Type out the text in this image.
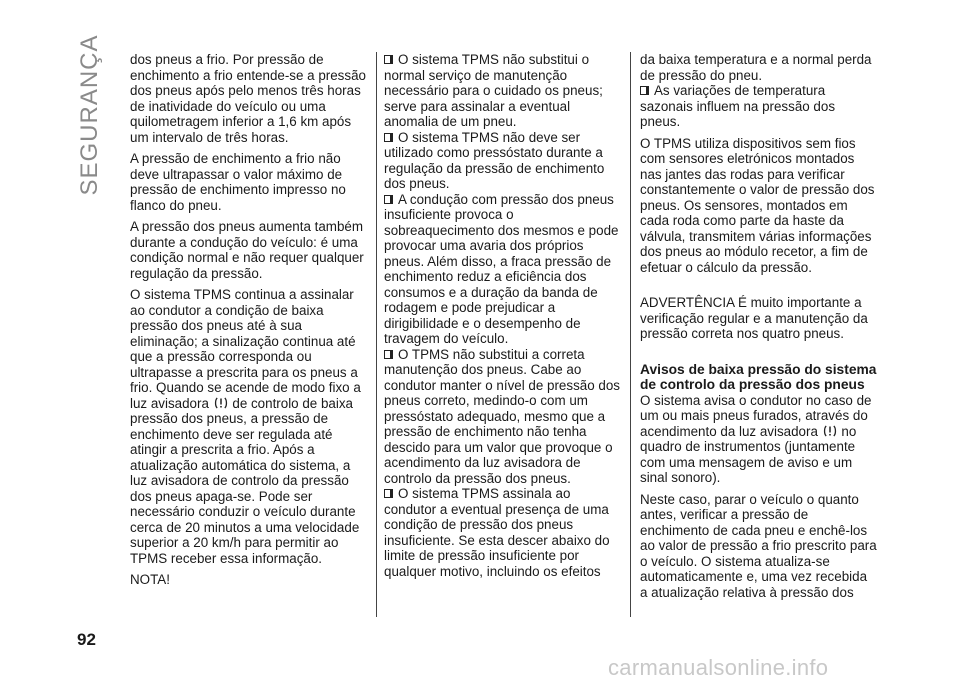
SEGURANÇA dos pneus a frio. Por pressão de enchimento a frio entende-se a pressão dos pneus após pelo menos três horas de inatividade do veículo ou uma quilometragem inferior a 1,6 km após um intervalo de três horas.

A pressão de enchimento a frio não deve ultrapassar o valor máximo de pressão de enchimento impresso no flanco do pneu.

A pressão dos pneus aumenta também durante a condução do veículo: é uma condição normal e não requer qualquer regulação da pressão.

O sistema TPMS continua a assinalar ao condutor a condição de baixa pressão dos pneus até à sua eliminação; a sinalização continua até que a pressão corresponda ou ultrapasse a prescrita para os pneus a frio. Quando se acende de modo fixo a luz avisadora de controlo de baixa pressão dos pneus, a pressão de enchimento deve ser regulada até atingir a prescrita a frio. Após a atualização automática do sistema, a luz avisadora de controlo da pressão dos pneus apaga-se. Pode ser necessário conduzir o veículo durante cerca de 20 minutos a uma velocidade superior a 20 km/h para permitir ao TPMS receber essa informação.

NOTA!

O sistema TPMS não substitui o normal serviço de manutenção necessário para o cuidado os pneus; serve para assinalar a eventual anomalia de um pneu.

O sistema TPMS não deve ser utilizado como pressóstato durante a regulação da pressão de enchimento dos pneus.

A condução com pressão dos pneus insuficiente provoca o sobreaquecimento dos mesmos e pode provocar uma avaria dos próprios pneus. Além disso, a fraca pressão de enchimento reduz a eficiência dos consumos e a duração da banda de rodagem e pode prejudicar a dirigibilidade e o desempenho de travagem do veículo.

O TPMS não substitui a correta manutenção dos pneus. Cabe ao condutor manter o nível de pressão dos pneus correto, medindo-o com um pressóstato adequado, mesmo que a pressão de enchimento não tenha descido para um valor que provoque o acendimento da luz avisadora de controlo da pressão dos pneus.

O sistema TPMS assinala ao condutor a eventual presença de uma condição de pressão dos pneus insuficiente. Se esta descer abaixo do limite de pressão insuficiente por qualquer motivo, incluindo os efeitos

da baixa temperatura e a normal perda de pressão do pneu.

As variações de temperatura sazonais influem na pressão dos pneus.

O TPMS utiliza dispositivos sem fios com sensores eletrónicos montados nas jantes das rodas para verificar constantemente o valor de pressão dos pneus. Os sensores, montados em cada roda como parte da haste da válvula, transmitem várias informações dos pneus ao módulo recetor, a fim de efetuar o cálculo da pressão.

ADVERTÊNCIA É muito importante a verificação regular e a manutenção da pressão correta nos quatro pneus.

Avisos de baixa pressão do sistema de controlo da pressão dos pneus

O sistema avisa o condutor no caso de um ou mais pneus furados, através do acendimento da luz avisadora no quadro de instrumentos (juntamente com uma mensagem de aviso e um sinal sonoro).

Neste caso, parar o veículo o quanto antes, verificar a pressão de enchimento de cada pneu e enchê-los ao valor de pressão a frio prescrito para o veículo. O sistema atualiza-se automaticamente e, uma vez recebida a atualização relativa à pressão dos

92
carmanualsonline.info
